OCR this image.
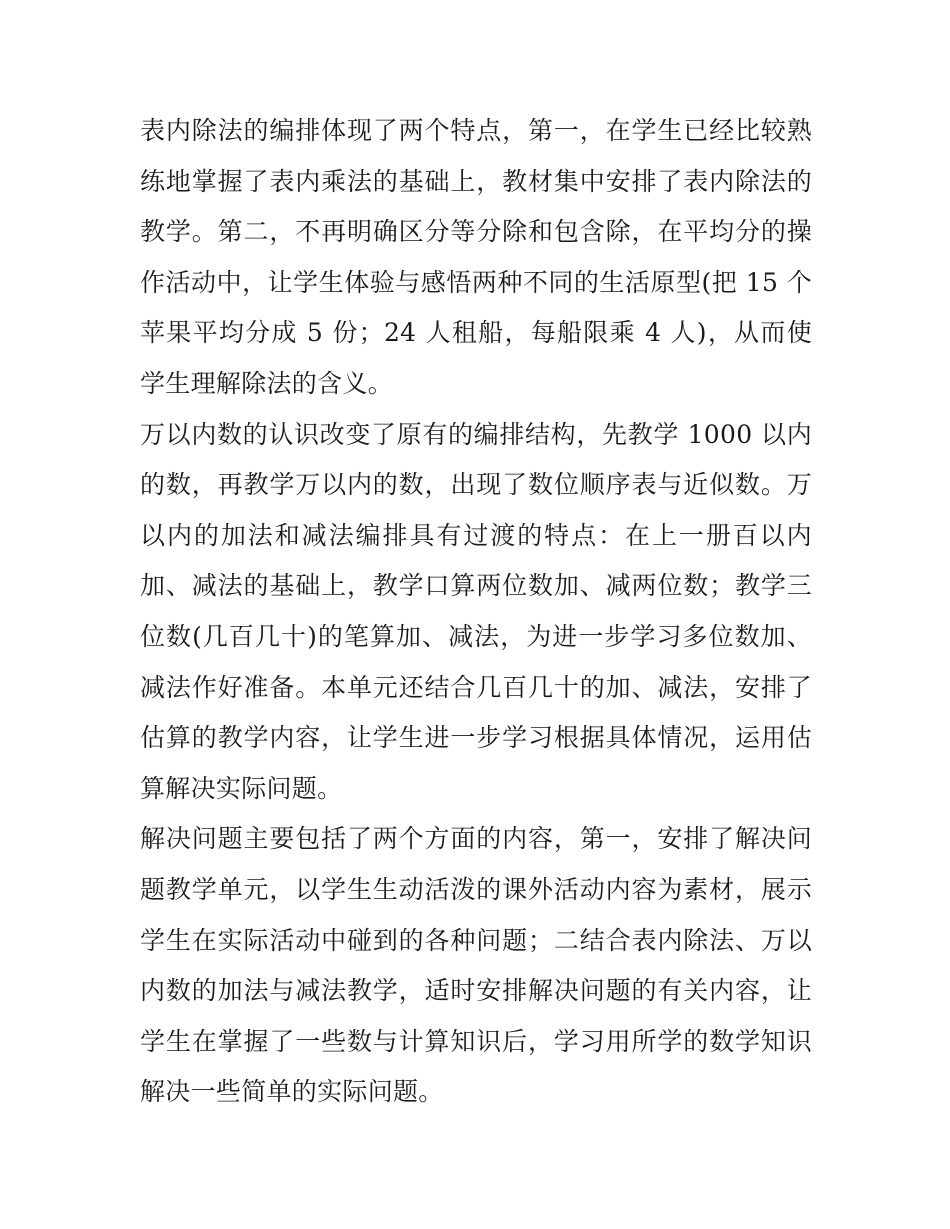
表内除法的编排体现了两个特点，第一，在学生已经比较熟练地掌握了表内乘法的基础上，教材集中安排了表内除法的教学。第二，不再明确区分等分除和包含除，在平均分的操作活动中，让学生体验与感悟两种不同的生活原型(把 15 个苹果平均分成 5 份；24 人租船，每船限乘 4 人)，从而使学生理解除法的含义。

万以内数的认识改变了原有的编排结构，先教学 1000 以内的数，再教学万以内的数，出现了数位顺序表与近似数。万以内的加法和减法编排具有过渡的特点：在上一册百以内加、减法的基础上，教学口算两位数加、减两位数；教学三位数(几百几十)的笔算加、减法，为进一步学习多位数加、减法作好准备。本单元还结合几百几十的加、减法，安排了估算的教学内容，让学生进一步学习根据具体情况，运用估算解决实际问题。

解决问题主要包括了两个方面的内容，第一，安排了解决问题教学单元，以学生生动活泼的课外活动内容为素材，展示学生在实际活动中碰到的各种问题；二结合表内除法、万以内数的加法与减法教学，适时安排解决问题的有关内容，让学生在掌握了一些数与计算知识后，学习用所学的数学知识解决一些简单的实际问题。
